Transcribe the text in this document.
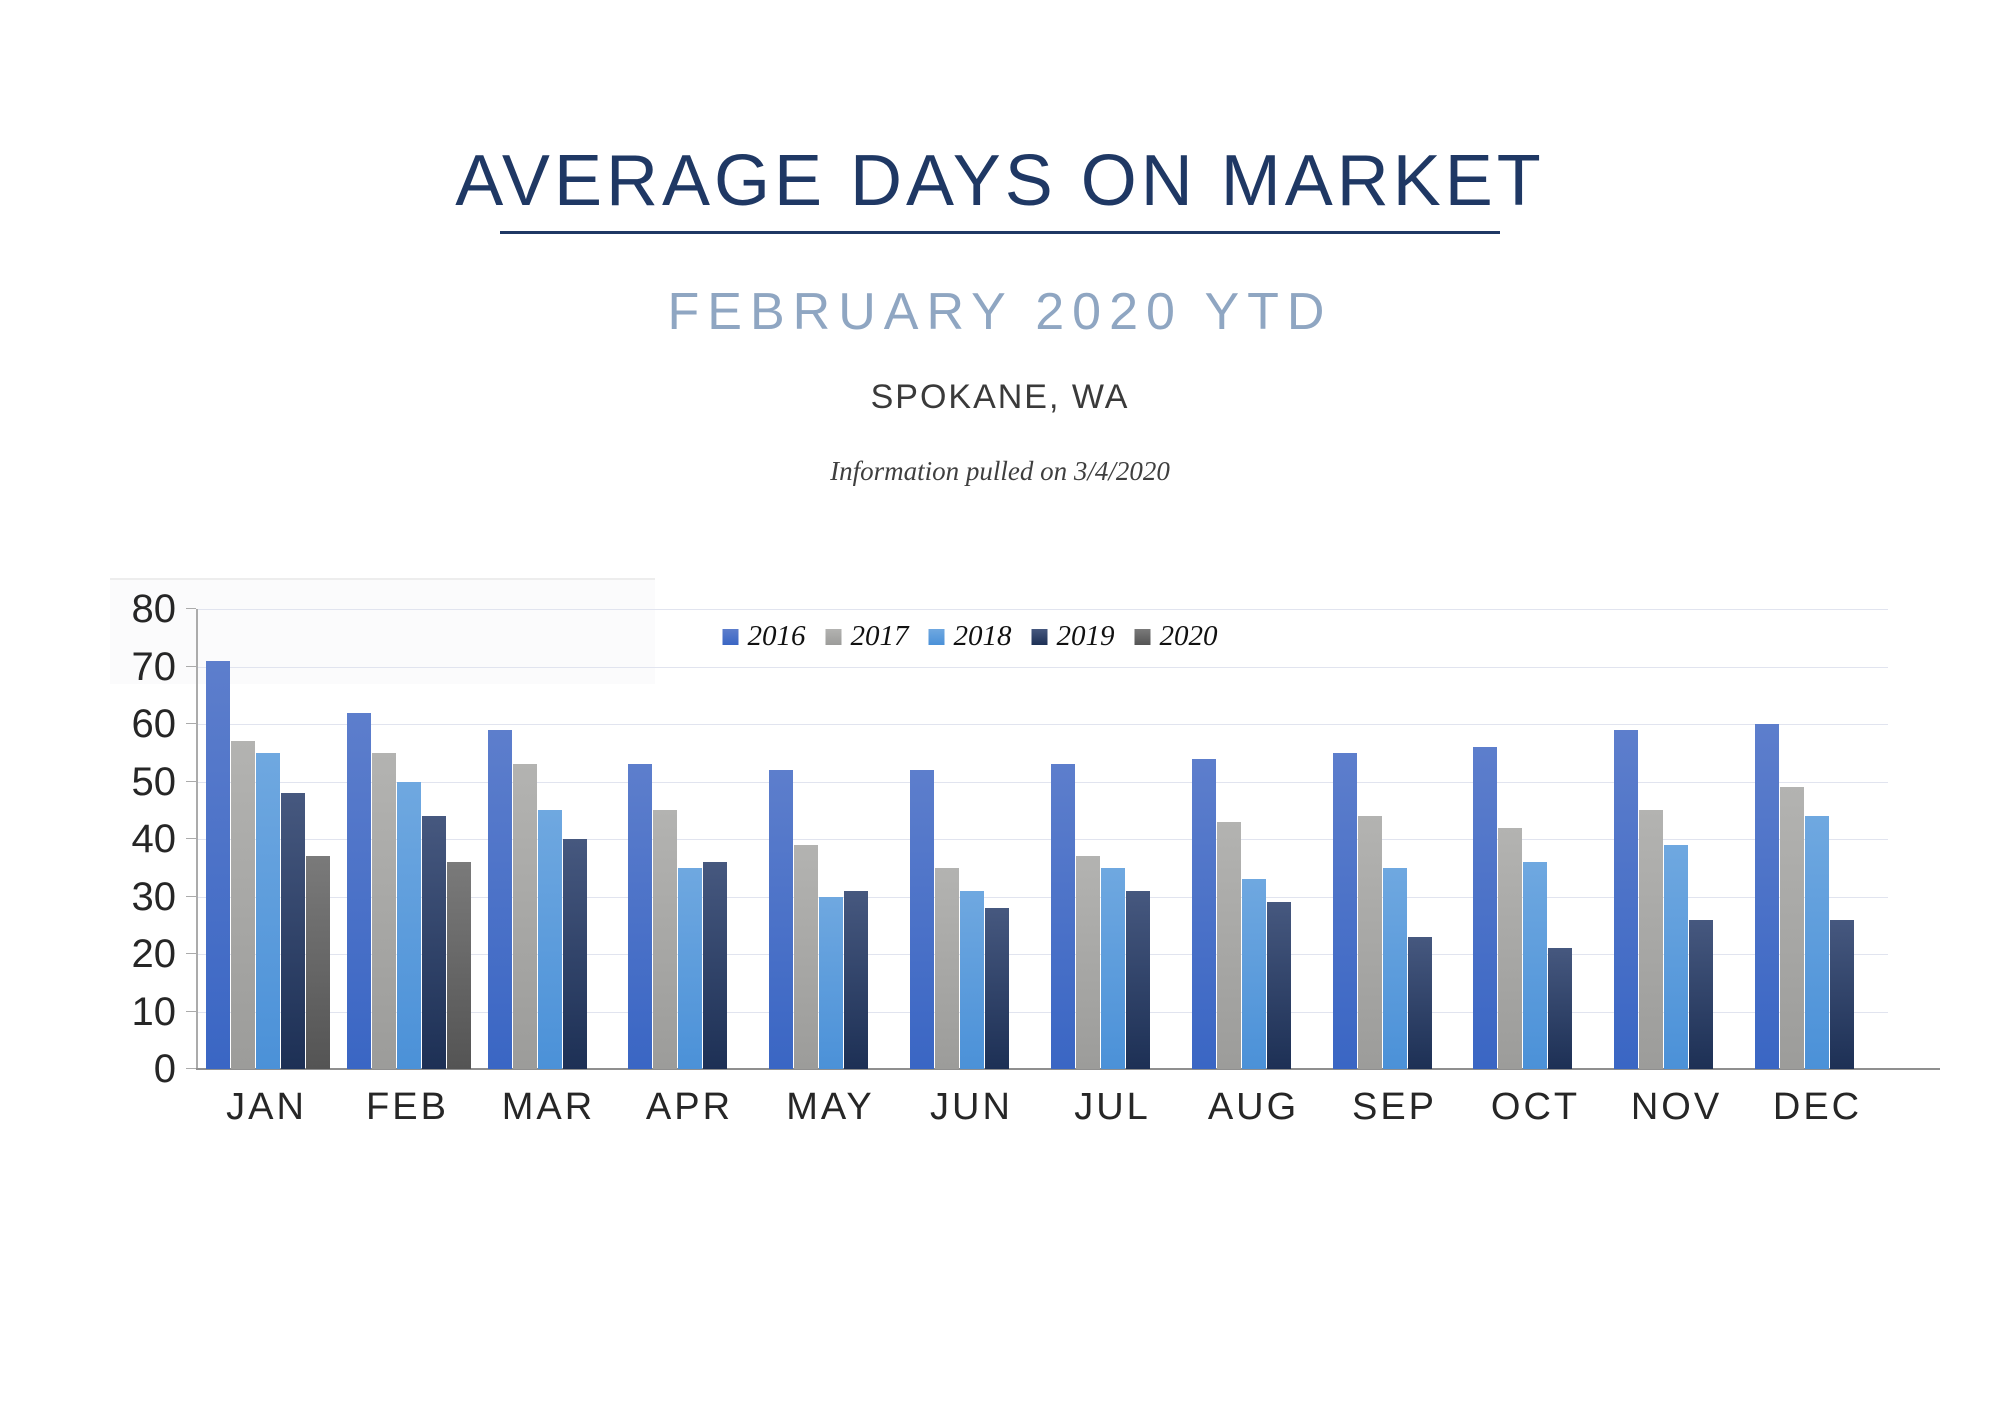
AVERAGE DAYS ON MARKET
FEBRUARY 2020 YTD
SPOKANE, WA
Information pulled on 3/4/2020
0
10
20
30
40
50
60
70
80
2016 2017 2018 2019 2020
JAN	FEB	MAR	APR	MAY	JUN	JUL	AUG	SEP	OCT	NOV	DEC
